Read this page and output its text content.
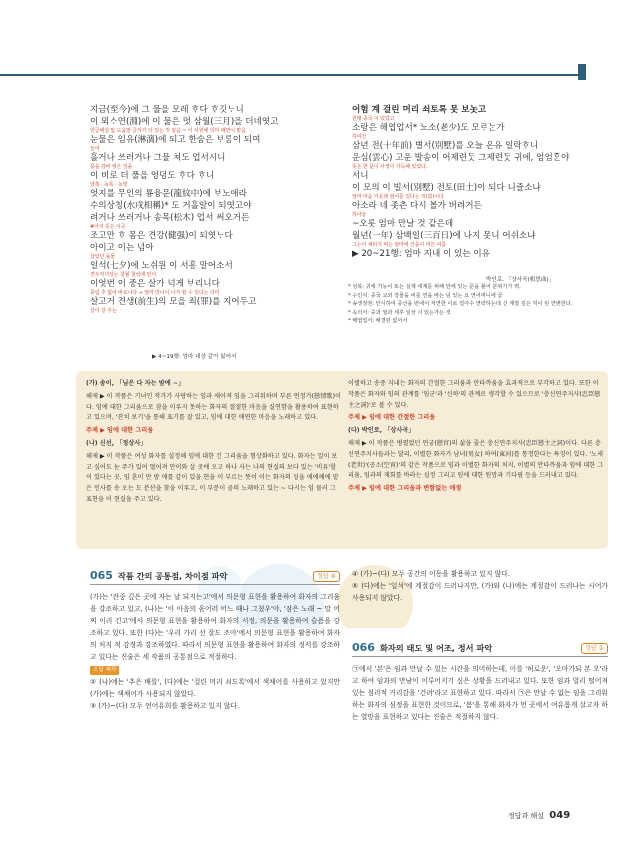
지금(至今)에 그 물을 모레 ᄒᆞ다 ᄒᆞ깃ᄂᆞ니
이 뫼ᄉᆞ연(淵)에 이 물은 멋 삼월(三月)을 더네엿고
한글해설 및 도움말 글자가 더 있는 것 같음 ~ 이 사원에 의미 때면이 맡음
눈물은 임유(淋漓)에 되고 한숨은 ᄇᆞᄅᆞᆷ이 되여
늘어
흘거나 쓰러거나 그물 쳐도 업서시니
몸을 감싸 엮은 잎을
이 비로 더 풀을 엉덩도 ᄒᆞ다 ᄒᆞ니
양쪽 · 녹록 · 녹빛
엇지를 무인의 룡융문(龍紋中)에 ᄇᆞ노애라
수의상칭(水戌相稱)* 도 거흘알이 되엿고야
려거나 쓰러거나 송목(松木) 업서 써오거든
#아의 뜻은 이곳
조고만 ᄒᆞ 몸은 견강(健强)이 되엿ᄂᆞ다
아이고 이는 넘아
살았던 동물
일석(七夕)에 노쉬원 이 서흥 말어소서
견우직녀성는 칠월 칠석에 만서
이엇번 이 중은 살가 넉게 ᄇᆞ리니다
풍림 후 없어 바로나다 → 엄마 만나이 나가 할 수 있다는 의미
살고거 견생(前生)의 모을 죄(罪)를 지어두고
살아 갈 주는
어험 계 걸린 머리 쇠토록 못 보놋고
원래 중국 이 있었고
소랑은 해엽업서* 노소(老少)도 모ᄅᆞᄂᆞᆫ가
하여간
삼년 전(十年前) 별서(別墅)를 오늘 온유 일락ᄒᆞ니
운심(雲心) 고운 발송이 어제련ᄃᆞᆺ 그제련ᄃᆞᆺ 귀에, 엄엄ᄒᆞᆫ야
뜻은 한 문이 사정이 가득해 있었다.
서니
이 모의 이 빌서(別墅) 전토(田土)이 되다 니즐소냐
엄마 마음 가운데 엄서를 있다는 의(意)이다
아소라 네 좃츤 다시 볼가 버려거든
하아놓
~오롯 엄마 만날 것 같은데
월년(一年) 삼백일(三百日)에 나지 못니 어쉬소냐
그는이 새러지 먹는 엄마에 산을이 머든 여름
▶ 20~21행: 엄마 지내 이 있는 이유
박인로, 「상사곡(相思曲)」
▶ 4~19행: 엄마 대상 같이 잃어서
* 성복: 귀에 가능이 또는 실제 세계를 위해 안에 있는 문을 불어 분위기가 벽.
* 수인식: 중국 교외 강물을 비를 연을 바는 넘 있는 요 연어머니에 곱
* 송생정권: 안시하여 증산을 번에서 처연한 이로 얼아수 연락하는데 신 계절 깊은 처이 된 연변한다.
* 속의서: 중과 엄과 세후 일상 시 있는가는 것
* 해엽업서: 해결된 없어서

(가) 송이, 「님은 다 자는 밤에 ~」

해제 ▶ 이 작품은 기녀인 작가가 사랑하는 임과 새어져 임을 그리워하며 부른 연정가(戀情歌)이다. 임에 대한 그리움으로 잠을 이루지 못하는 화자의 절절한 마음을 실연함을 활용하여 표현하고 있으며, '잔치 보기'을 통해 표기를 잘 있고, 임에 대한 애연한 마음을 노래하고 있다.

주제 ▶ 임에 대한 그리움

(나) 신선, 「정상사」

해제 ▶ 이 작품은 여성 화자를 설정해 임에 대한 긴 그리움을 형상화하고 있다. 화자는 일이 보고 싶어도 눈 주가 있어 떨어져 만이와 살 곳에 오고 하나 사는 나의 현실의 보다 있는 '비유'할 이 있다는 곳, 임 혼이 만 밤 애를 같이 있을 현을 이 부르는 뜻이 이는 화자의 성을 애애해에 맡은 인사를 송 오는 도 분산을 찾을 이루고, 이 부분이 곰의 노래하고 있는 ~ 다시는 임 물러 그 표현을 이 현실을 주고 있다.

이별하고 송중 지내는 화자의 간절한 그리움과 안타까움을 효과적으로 부각하고 있다. 또한 이 작품은 화자와 임의 관계를 '임군'과 '신하'의 관계로 생각할 수 있으므로 '충신연주지사(忠臣戀主之詞)'로 볼 수 있다.

주제 ▶ 임에 대한 간절한 그리움

(다) 박인로, 「상사곡」

해제 ▶ 이 작품은 병렬었던 연궁(戀宮)의 삶을 줄은 충신연주지사(忠臣戀主之詞)이다. 다른 충신연주지사들과는 달리, 이별한 화자가 남녀(男女) 하여(東河)를 통정한다는 특징이 있다. '노세(老世)'(공소(空宵)'의 같은 작품으로 임과 이별한 화자의 처지, 이별의 안타까움과 임에 대한 그리움, 임과의 재회를 바라는 심정 그리고 임에 대한 원망과 기다림 등을 드러내고 있다.

주제 ▶ 임에 대한 그리움과 변함없는 애정

065 작품 간의 공통점, 차이점 파악	정답 ④

(가)는 '잔중 깊은 곳에 자는 날 되지는고'에서 의문형 표현을 활용하여 화자의 그리움을 강조하고 있고, (나)는 '이 아음의 움어러 어느 때나 그쳤우'야, '잠은 노래 ~ 말 어찌 이리 긴고'에서 의문형 표현을 활용하여 화자의 서정, 의문을 활용하여 슬픔을 강조하고 있다. 또한 (다)는 '우리 가리 선 잘도 조아'에서 의문형 표현을 활용하여 화자의 처지 적 감정과 강조하였다. 따라서 의문형 표현을 활용하여 화자의 정서를 강조하고 있다는 진술은 세 작품의 공통점으로 적절하다.

오답 피하

② (나)에는 '추은 배를', (다)에는 '걸린 머리 쇠도록'에서 색채어를 사용하고 있지만 (가)에는 색채어가 사용되지 않았다.

③ (가)~(다) 모두 언어유희를 활용하고 있지 않다.

④ (가)~(다) 모두 공간의 이동을 활용하고 있지 않다.

⑤ (다)에는 '일석'에 계절감이 드러나지만, (가)와 (나)에는 계절감이 드러나는 시어가 사용되지 않았다.

066 화자의 태도 및 어조, 정서 파악	정답 ①

㉠에서 '본'은 임과 만날 수 있는 시간을 의미하는데, 이를 '허로운', '오마가되 본 오'라고 하여 임과의 만남이 이루어지기 싶은 상황을 드러내고 있다. 또한 임과 멀리 떨어져 있는 심리적 거리감을 '건려'라고 표현하고 있다. 따라서 ㉠은 만날 수 없는 임을 그리워하는 화자의 심정을 표현한 것이므로, '봄'을 통해 화자가 먼 곳에서 여유롭게 살고자 하는 열망을 표현하고 있다는 진술은 적절하지 않다.

정답과 해설 049
